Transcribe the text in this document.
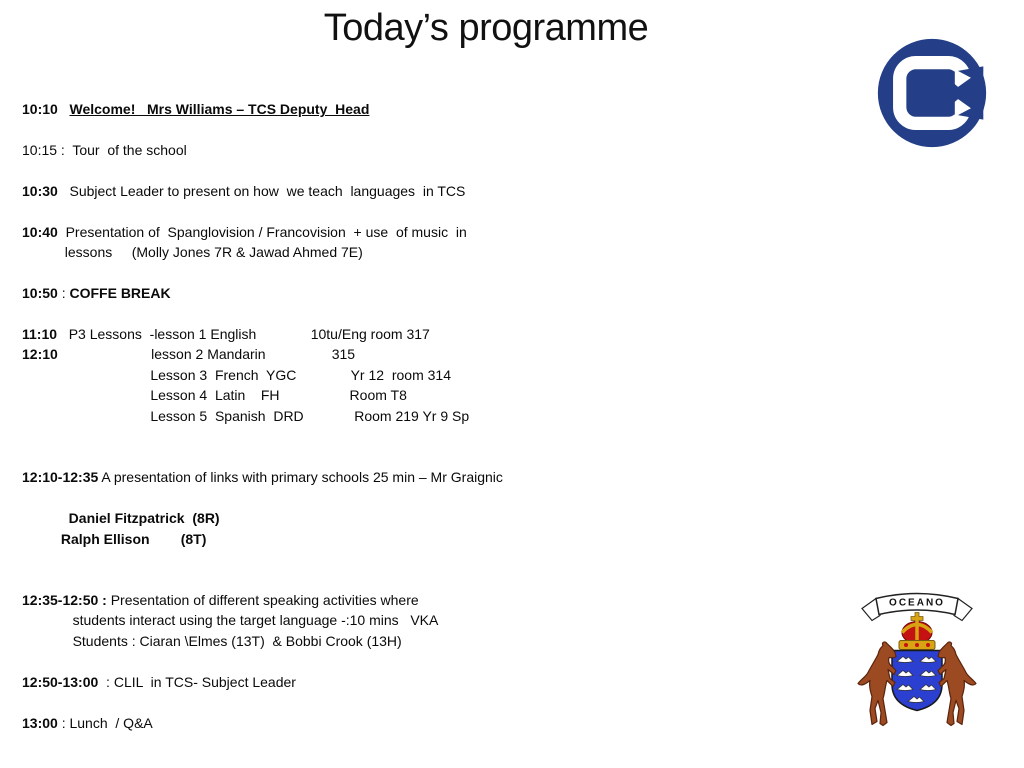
Today’s programme
10:10   Welcome!   Mrs Williams – TCS Deputy  Head

10:15 :  Tour  of the school

10:30   Subject Leader to present on how  we teach  languages  in TCS

10:40  Presentation of  Spanglovision / Francovision  + use  of music  in
lessons     (Molly Jones 7R & Jawad Ahmed 7E)

10:50 : COFFE BREAK

11:10   P3 Lessons  -lesson 1 English              10tu/Eng room 317
12:10                        lesson 2 Mandarin                 315
Lesson 3  French  YGC              Yr 12  room 314
Lesson 4  Latin    FH                  Room T8
Lesson 5  Spanish  DRD             Room 219 Yr 9 Sp

12:10-12:35 A presentation of links with primary schools 25 min – Mr Graignic

Daniel Fitzpatrick  (8R)
Ralph Ellison        (8T)

12:35-12:50 : Presentation of different speaking activities where
students interact using the target language -:10 mins   VKA
Students : Ciaran \Elmes (13T)  & Bobbi Crook (13H)

12:50-13:00  : CLIL  in TCS- Subject Leader

13:00 : Lunch  / Q&A
OCEANO
